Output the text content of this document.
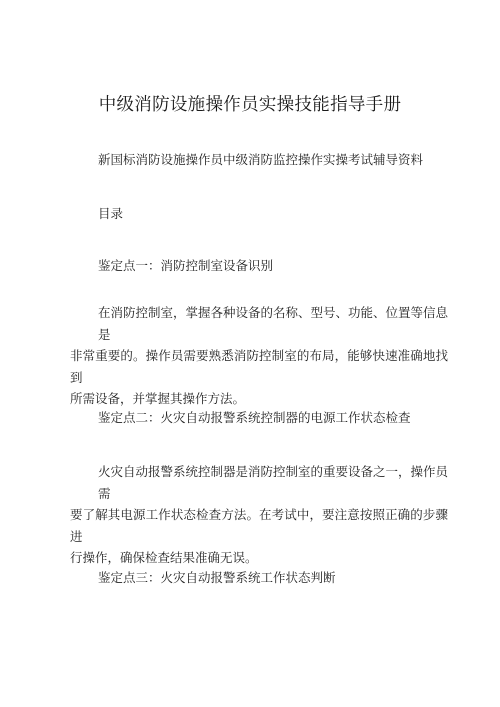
中级消防设施操作员实操技能指导手册
新国标消防设施操作员中级消防监控操作实操考试辅导资料
目录
鉴定点一：消防控制室设备识别
在消防控制室，掌握各种设备的名称、型号、功能、位置等信息是
非常重要的。操作员需要熟悉消防控制室的布局，能够快速准确地找到
所需设备，并掌握其操作方法。
鉴定点二：火灾自动报警系统控制器的电源工作状态检查
火灾自动报警系统控制器是消防控制室的重要设备之一，操作员需
要了解其电源工作状态检查方法。在考试中，要注意按照正确的步骤进
行操作，确保检查结果准确无误。
鉴定点三：火灾自动报警系统工作状态判断
